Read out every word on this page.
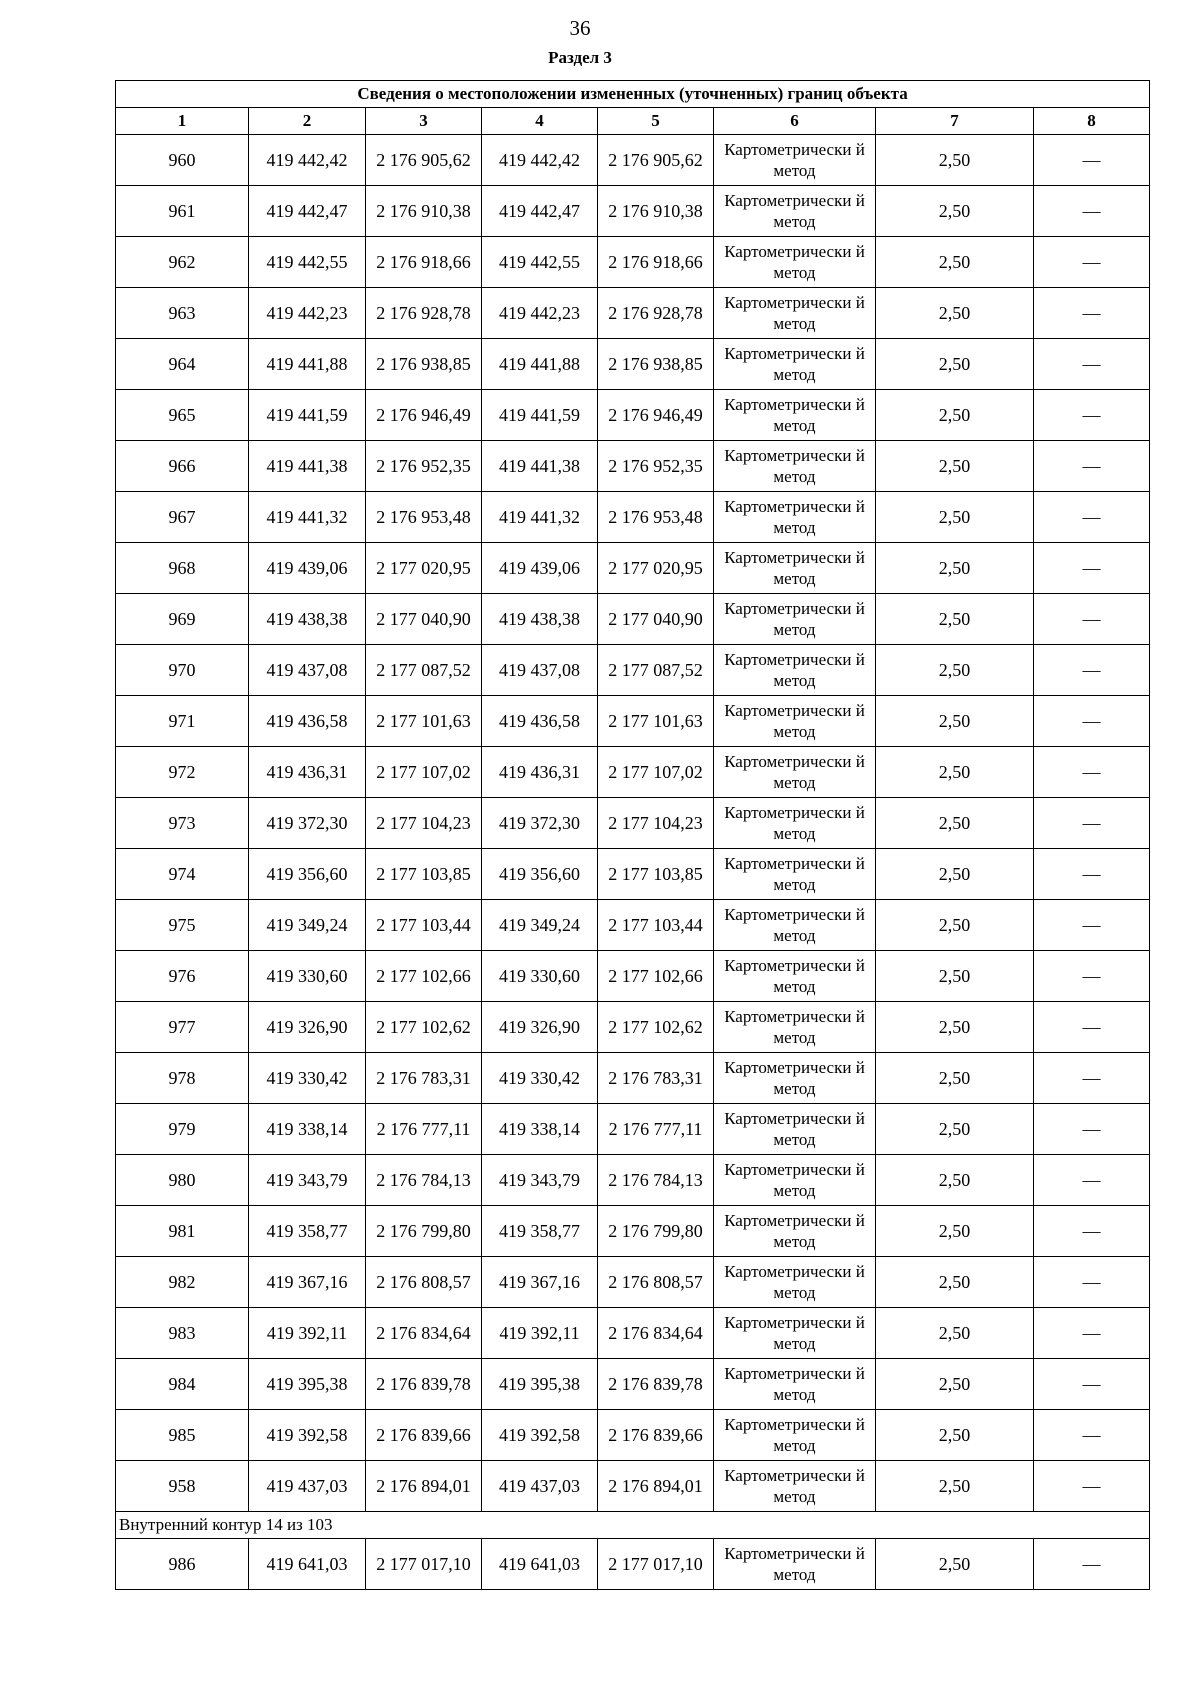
36
Раздел 3
Сведения о местоположении измененных (уточненных) границ объекта							
1	2	3	4	5	6	7	8
960	419 442,42	2 176 905,62	419 442,42	2 176 905,62	Картометрически й метод	2,50	—
961	419 442,47	2 176 910,38	419 442,47	2 176 910,38	Картометрически й метод	2,50	—
962	419 442,55	2 176 918,66	419 442,55	2 176 918,66	Картометрически й метод	2,50	—
963	419 442,23	2 176 928,78	419 442,23	2 176 928,78	Картометрически й метод	2,50	—
964	419 441,88	2 176 938,85	419 441,88	2 176 938,85	Картометрически й метод	2,50	—
965	419 441,59	2 176 946,49	419 441,59	2 176 946,49	Картометрически й метод	2,50	—
966	419 441,38	2 176 952,35	419 441,38	2 176 952,35	Картометрически й метод	2,50	—
967	419 441,32	2 176 953,48	419 441,32	2 176 953,48	Картометрически й метод	2,50	—
968	419 439,06	2 177 020,95	419 439,06	2 177 020,95	Картометрически й метод	2,50	—
969	419 438,38	2 177 040,90	419 438,38	2 177 040,90	Картометрически й метод	2,50	—
970	419 437,08	2 177 087,52	419 437,08	2 177 087,52	Картометрически й метод	2,50	—
971	419 436,58	2 177 101,63	419 436,58	2 177 101,63	Картометрически й метод	2,50	—
972	419 436,31	2 177 107,02	419 436,31	2 177 107,02	Картометрически й метод	2,50	—
973	419 372,30	2 177 104,23	419 372,30	2 177 104,23	Картометрически й метод	2,50	—
974	419 356,60	2 177 103,85	419 356,60	2 177 103,85	Картометрически й метод	2,50	—
975	419 349,24	2 177 103,44	419 349,24	2 177 103,44	Картометрически й метод	2,50	—
976	419 330,60	2 177 102,66	419 330,60	2 177 102,66	Картометрически й метод	2,50	—
977	419 326,90	2 177 102,62	419 326,90	2 177 102,62	Картометрически й метод	2,50	—
978	419 330,42	2 176 783,31	419 330,42	2 176 783,31	Картометрически й метод	2,50	—
979	419 338,14	2 176 777,11	419 338,14	2 176 777,11	Картометрически й метод	2,50	—
980	419 343,79	2 176 784,13	419 343,79	2 176 784,13	Картометрически й метод	2,50	—
981	419 358,77	2 176 799,80	419 358,77	2 176 799,80	Картометрически й метод	2,50	—
982	419 367,16	2 176 808,57	419 367,16	2 176 808,57	Картометрически й метод	2,50	—
983	419 392,11	2 176 834,64	419 392,11	2 176 834,64	Картометрически й метод	2,50	—
984	419 395,38	2 176 839,78	419 395,38	2 176 839,78	Картометрически й метод	2,50	—
985	419 392,58	2 176 839,66	419 392,58	2 176 839,66	Картометрически й метод	2,50	—
958	419 437,03	2 176 894,01	419 437,03	2 176 894,01	Картометрически й метод	2,50	—
Внутренний контур 14 из 103							
986	419 641,03	2 177 017,10	419 641,03	2 177 017,10	Картометрически й метод	2,50	—
